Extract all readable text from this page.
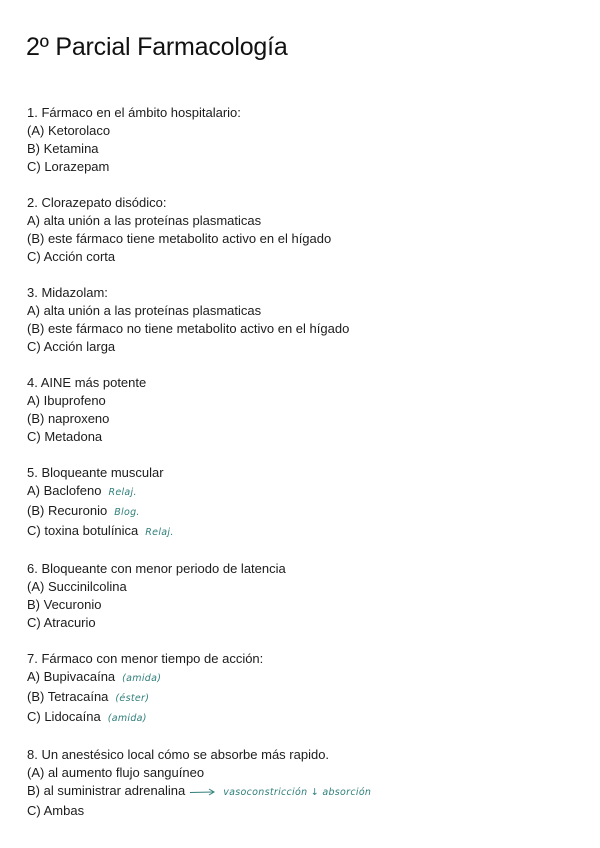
2º Parcial Farmacología
1. Fármaco en el ámbito hospitalario:
(A) Ketorolaco
B) Ketamina
C) Lorazepam
2. Clorazepato disódico:
A) alta unión a las proteínas plasmaticas
(B) este fármaco tiene metabolito activo en el hígado
C) Acción corta
3. Midazolam:
A) alta unión a las proteínas plasmaticas
(B) este fármaco no tiene metabolito activo en el hígado
C) Acción larga
4. AINE más potente
A) Ibuprofeno
(B) naproxeno
C) Metadona
5. Bloqueante muscular
A) Baclofeno Relaj.
(B) Recuronio Blog.
C) toxina botulínica Relaj.
6. Bloqueante con menor periodo de latencia
(A) Succinilcolina
B) Vecuronio
C) Atracurio
7. Fármaco con menor tiempo de acción:
A) Bupivacaína (amida)
(B) Tetracaína (éster)
C) Lidocaína (amida)
8. Un anestésico local cómo se absorbe más rapido.
(A) al aumento flujo sanguíneo
B) al suministrar adrenalina	vasoconstricción ↓ absorción
C) Ambas
